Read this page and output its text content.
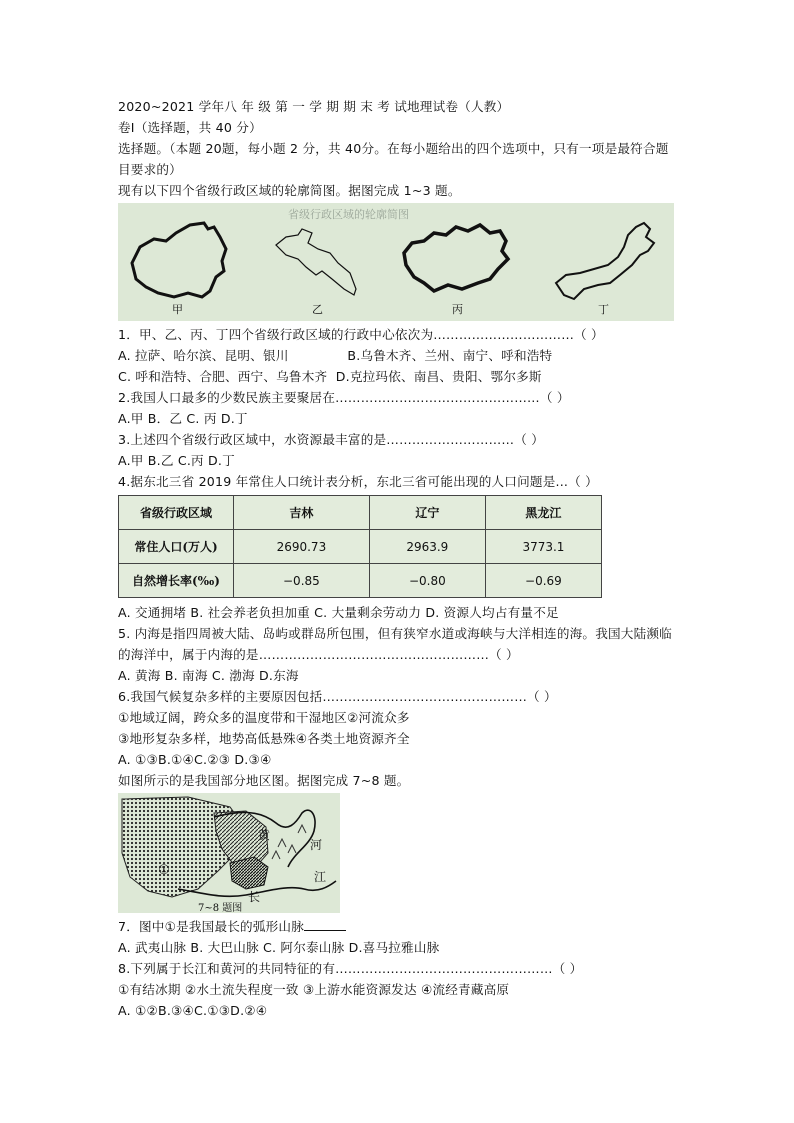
2020~2021 学年八 年 级 第 一 学 期 期 末 考 试地理试卷（人教）
卷Ⅰ（选择题，共 40 分）
选择题。（本题 20题，每小题 2 分，共 40分。在每小题给出的四个选项中，只有一项是最符合题目要求的）
现有以下四个省级行政区域的轮廓简图。据图完成 1~3 题。
省级行政区域的轮廓简图
甲	乙	丙	丁
1．甲、乙、丙、丁四个省级行政区域的行政中心依次为……………………………（ ）
A. 拉萨、哈尔滨、昆明、银川              B.乌鲁木齐、兰州、南宁、呼和浩特
C. 呼和浩特、合肥、西宁、乌鲁木齐  D.克拉玛依、南昌、贵阳、鄂尔多斯
2.我国人口最多的少数民族主要聚居在…………………………………………（ ）
A.甲 B．乙 C. 丙 D.丁
3.上述四个省级行政区域中，水资源最丰富的是…………………………（ ）
A.甲 B.乙 C.丙 D.丁
4.据东北三省 2019 年常住人口统计表分析，东北三省可能出现的人口问题是...（ ）
省级行政区域	吉林	辽宁	黑龙江
常住人口(万人)	2690.73	2963.9	3773.1
自然增长率(‰)	−0.85	−0.80	−0.69
A. 交通拥堵 B. 社会养老负担加重 C. 大量剩余劳动力 D. 资源人均占有量不足
5. 内海是指四周被大陆、岛屿或群岛所包围，但有狭窄水道或海峡与大洋相连的海。我国大陆濒临的海洋中，属于内海的是………………………………………………（ ）
A. 黄海 B. 南海 C. 渤海 D.东海
6.我国气候复杂多样的主要原因包括…………………………………………（ ）
①地域辽阔，跨众多的温度带和干湿地区②河流众多
③地形复杂多样，地势高低悬殊④各类土地资源齐全
A. ①③B.①④C.②③ D.③④
如图所示的是我国部分地区图。据图完成 7~8 题。
①
黄
河
江
长
7~8 题图
7．图中①是我国最长的弧形山脉
A. 武夷山脉 B. 大巴山脉 C. 阿尔泰山脉 D.喜马拉雅山脉
8.下列属于长江和黄河的共同特征的有……………………………………………（ ）
①有结冰期 ②水土流失程度一致 ③上游水能资源发达 ④流经青藏高原
A. ①②B.③④C.①③D.②④
